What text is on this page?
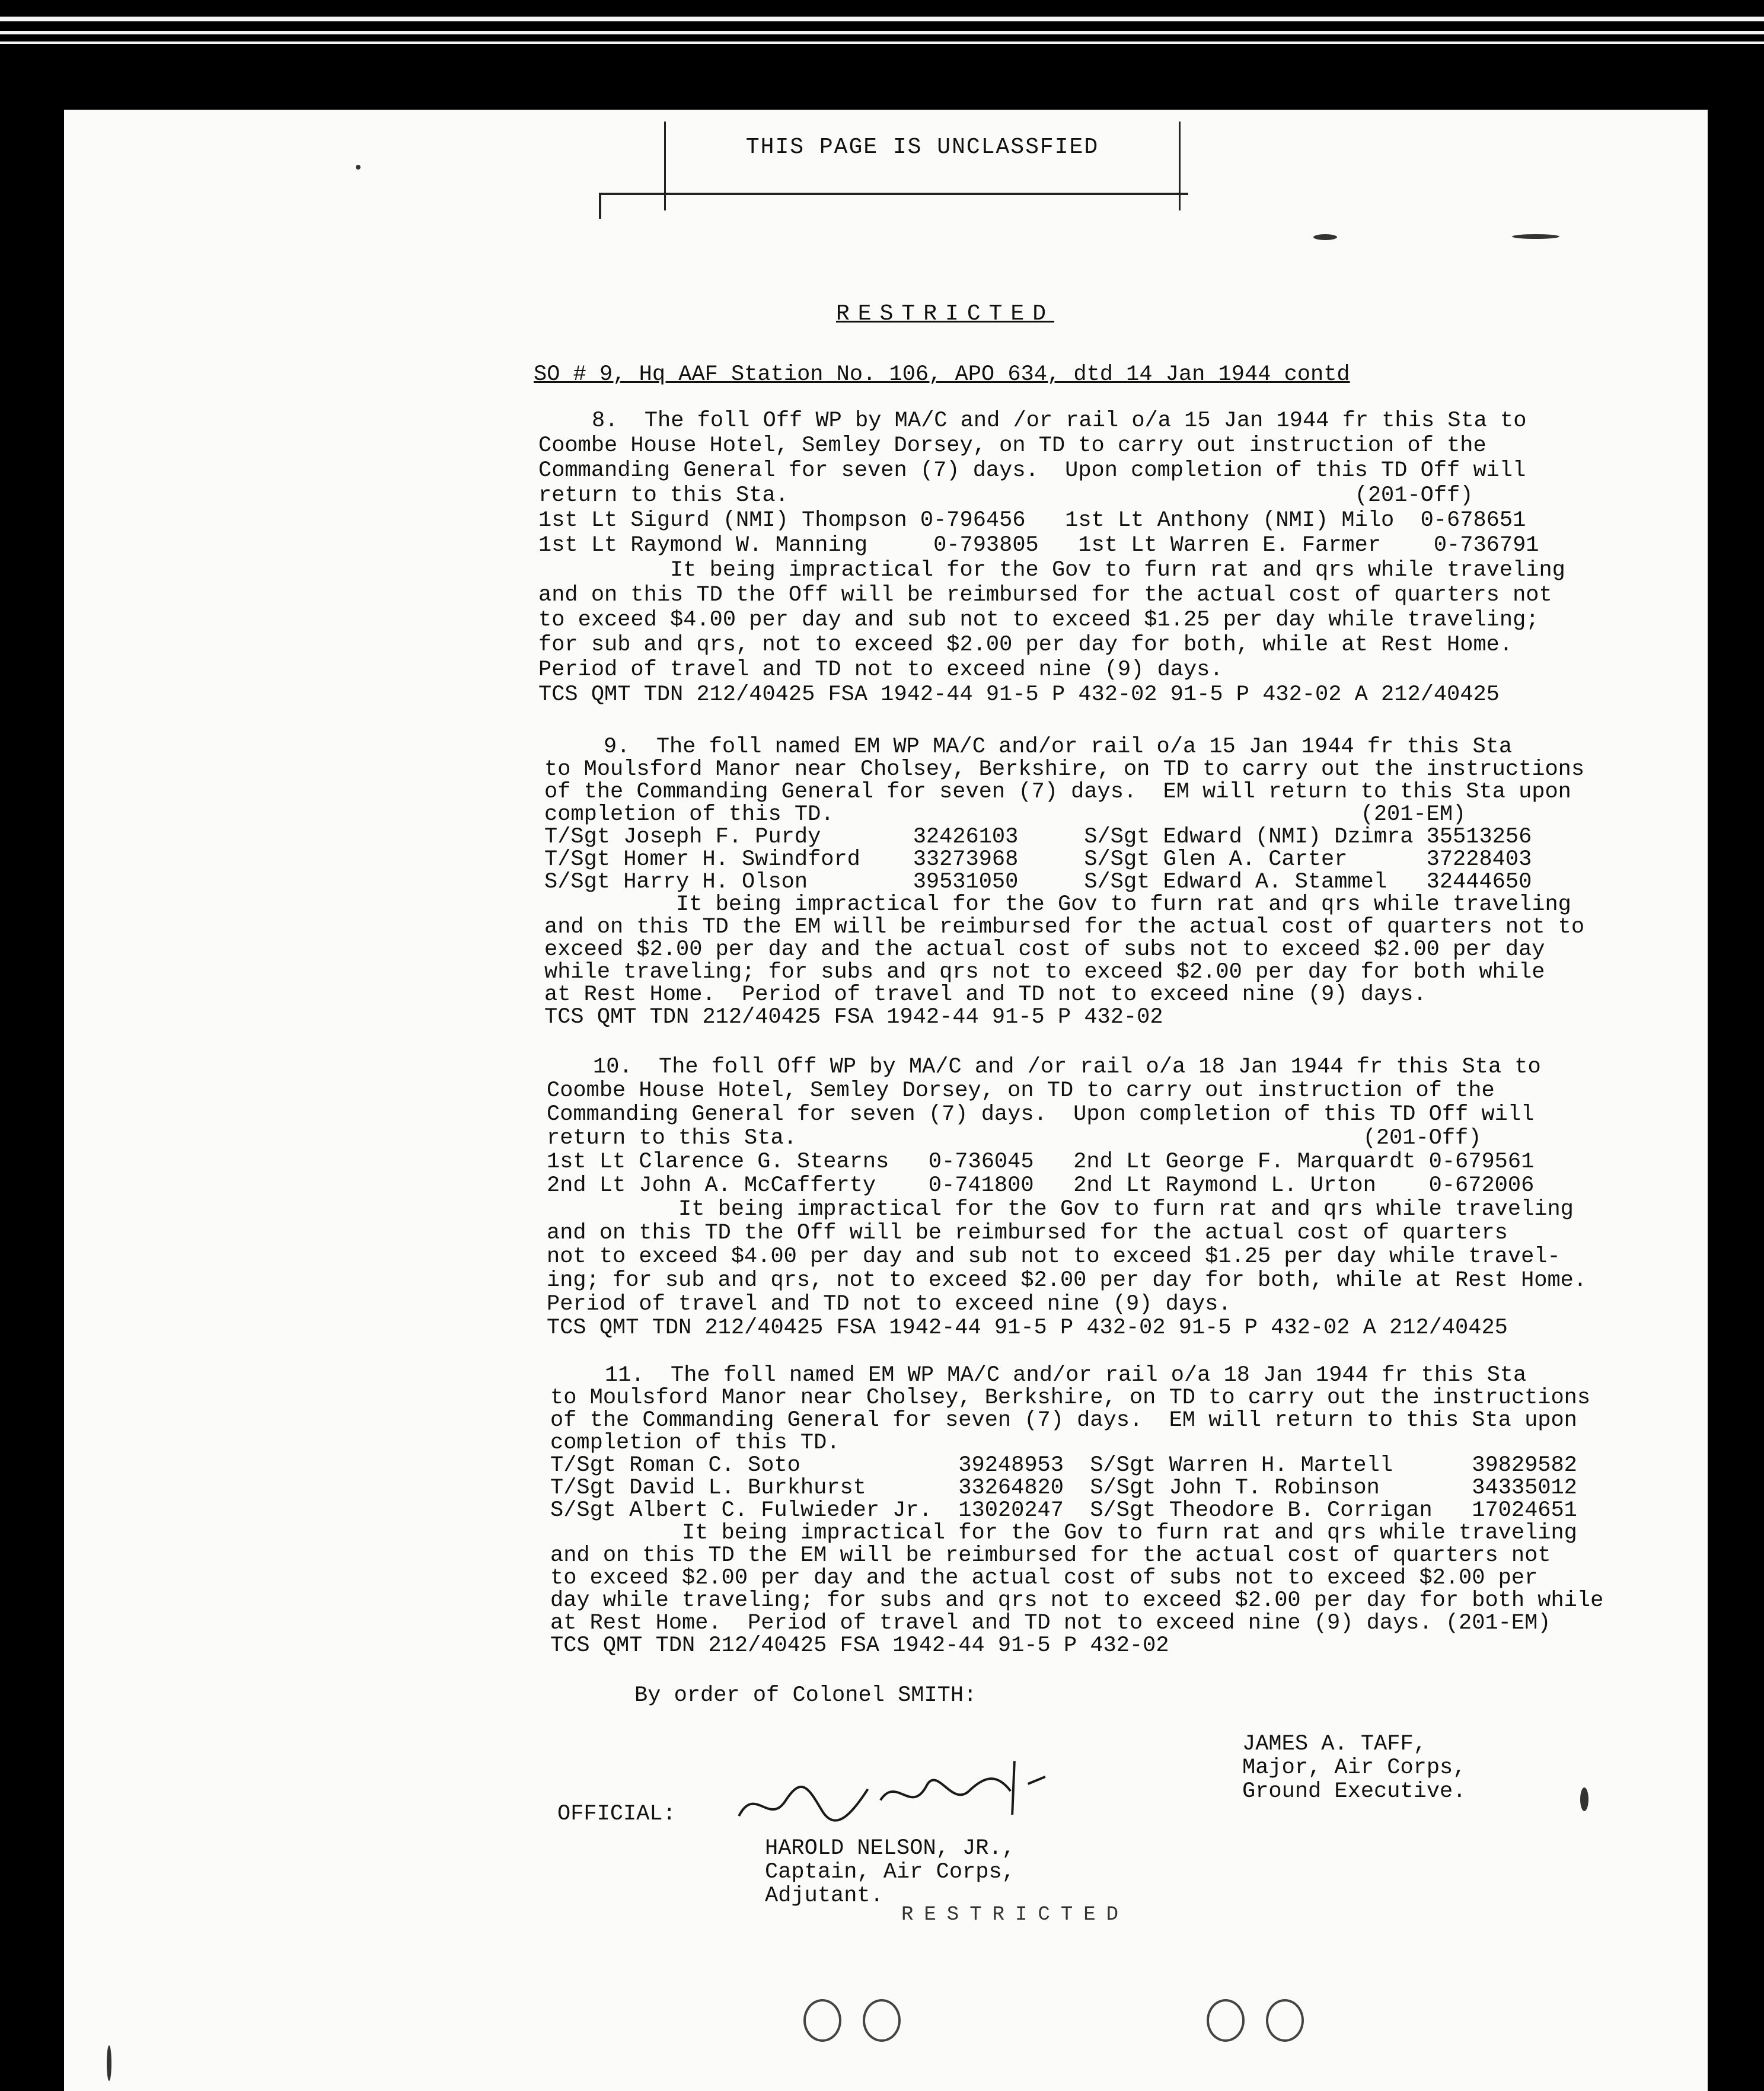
THIS PAGE IS UNCLASSFIED
RESTRICTED
SO # 9, Hq AAF Station No. 106, APO 634, dtd 14 Jan 1944 contd
8.  The foll Off WP by MA/C and /or rail o/a 15 Jan 1944 fr this Sta to
Coombe House Hotel, Semley Dorsey, on TD to carry out instruction of the
Commanding General for seven (7) days.  Upon completion of this TD Off will
return to this Sta.                                           (201-Off)
1st Lt Sigurd (NMI) Thompson 0-796456   1st Lt Anthony (NMI) Milo  0-678651
1st Lt Raymond W. Manning     0-793805   1st Lt Warren E. Farmer    0-736791
It being impractical for the Gov to furn rat and qrs while traveling
and on this TD the Off will be reimbursed for the actual cost of quarters not
to exceed $4.00 per day and sub not to exceed $1.25 per day while traveling;
for sub and qrs, not to exceed $2.00 per day for both, while at Rest Home.
Period of travel and TD not to exceed nine (9) days.
TCS QMT TDN 212/40425 FSA 1942-44 91-5 P 432-02 91-5 P 432-02 A 212/40425
9.  The foll named EM WP MA/C and/or rail o/a 15 Jan 1944 fr this Sta
to Moulsford Manor near Cholsey, Berkshire, on TD to carry out the instructions
of the Commanding General for seven (7) days.  EM will return to this Sta upon
completion of this TD.                                        (201-EM)
T/Sgt Joseph F. Purdy       32426103     S/Sgt Edward (NMI) Dzimra 35513256
T/Sgt Homer H. Swindford    33273968     S/Sgt Glen A. Carter      37228403
S/Sgt Harry H. Olson        39531050     S/Sgt Edward A. Stammel   32444650
It being impractical for the Gov to furn rat and qrs while traveling
and on this TD the EM will be reimbursed for the actual cost of quarters not to
exceed $2.00 per day and the actual cost of subs not to exceed $2.00 per day
while traveling; for subs and qrs not to exceed $2.00 per day for both while
at Rest Home.  Period of travel and TD not to exceed nine (9) days.
TCS QMT TDN 212/40425 FSA 1942-44 91-5 P 432-02
10.  The foll Off WP by MA/C and /or rail o/a 18 Jan 1944 fr this Sta to
Coombe House Hotel, Semley Dorsey, on TD to carry out instruction of the
Commanding General for seven (7) days.  Upon completion of this TD Off will
return to this Sta.                                           (201-Off)
1st Lt Clarence G. Stearns   0-736045   2nd Lt George F. Marquardt 0-679561
2nd Lt John A. McCafferty    0-741800   2nd Lt Raymond L. Urton    0-672006
It being impractical for the Gov to furn rat and qrs while traveling
and on this TD the Off will be reimbursed for the actual cost of quarters
not to exceed $4.00 per day and sub not to exceed $1.25 per day while travel-
ing; for sub and qrs, not to exceed $2.00 per day for both, while at Rest Home.
Period of travel and TD not to exceed nine (9) days.
TCS QMT TDN 212/40425 FSA 1942-44 91-5 P 432-02 91-5 P 432-02 A 212/40425
11.  The foll named EM WP MA/C and/or rail o/a 18 Jan 1944 fr this Sta
to Moulsford Manor near Cholsey, Berkshire, on TD to carry out the instructions
of the Commanding General for seven (7) days.  EM will return to this Sta upon
completion of this TD.
T/Sgt Roman C. Soto            39248953  S/Sgt Warren H. Martell      39829582
T/Sgt David L. Burkhurst       33264820  S/Sgt John T. Robinson       34335012
S/Sgt Albert C. Fulwieder Jr.  13020247  S/Sgt Theodore B. Corrigan   17024651
It being impractical for the Gov to furn rat and qrs while traveling
and on this TD the EM will be reimbursed for the actual cost of quarters not
to exceed $2.00 per day and the actual cost of subs not to exceed $2.00 per
day while traveling; for subs and qrs not to exceed $2.00 per day for both while
at Rest Home.  Period of travel and TD not to exceed nine (9) days. (201-EM)
TCS QMT TDN 212/40425 FSA 1942-44 91-5 P 432-02
By order of Colonel SMITH:
JAMES A. TAFF,
Major, Air Corps,
Ground Executive.
OFFICIAL:
HAROLD NELSON, JR.,
Captain, Air Corps,
Adjutant.
RESTRICTED
